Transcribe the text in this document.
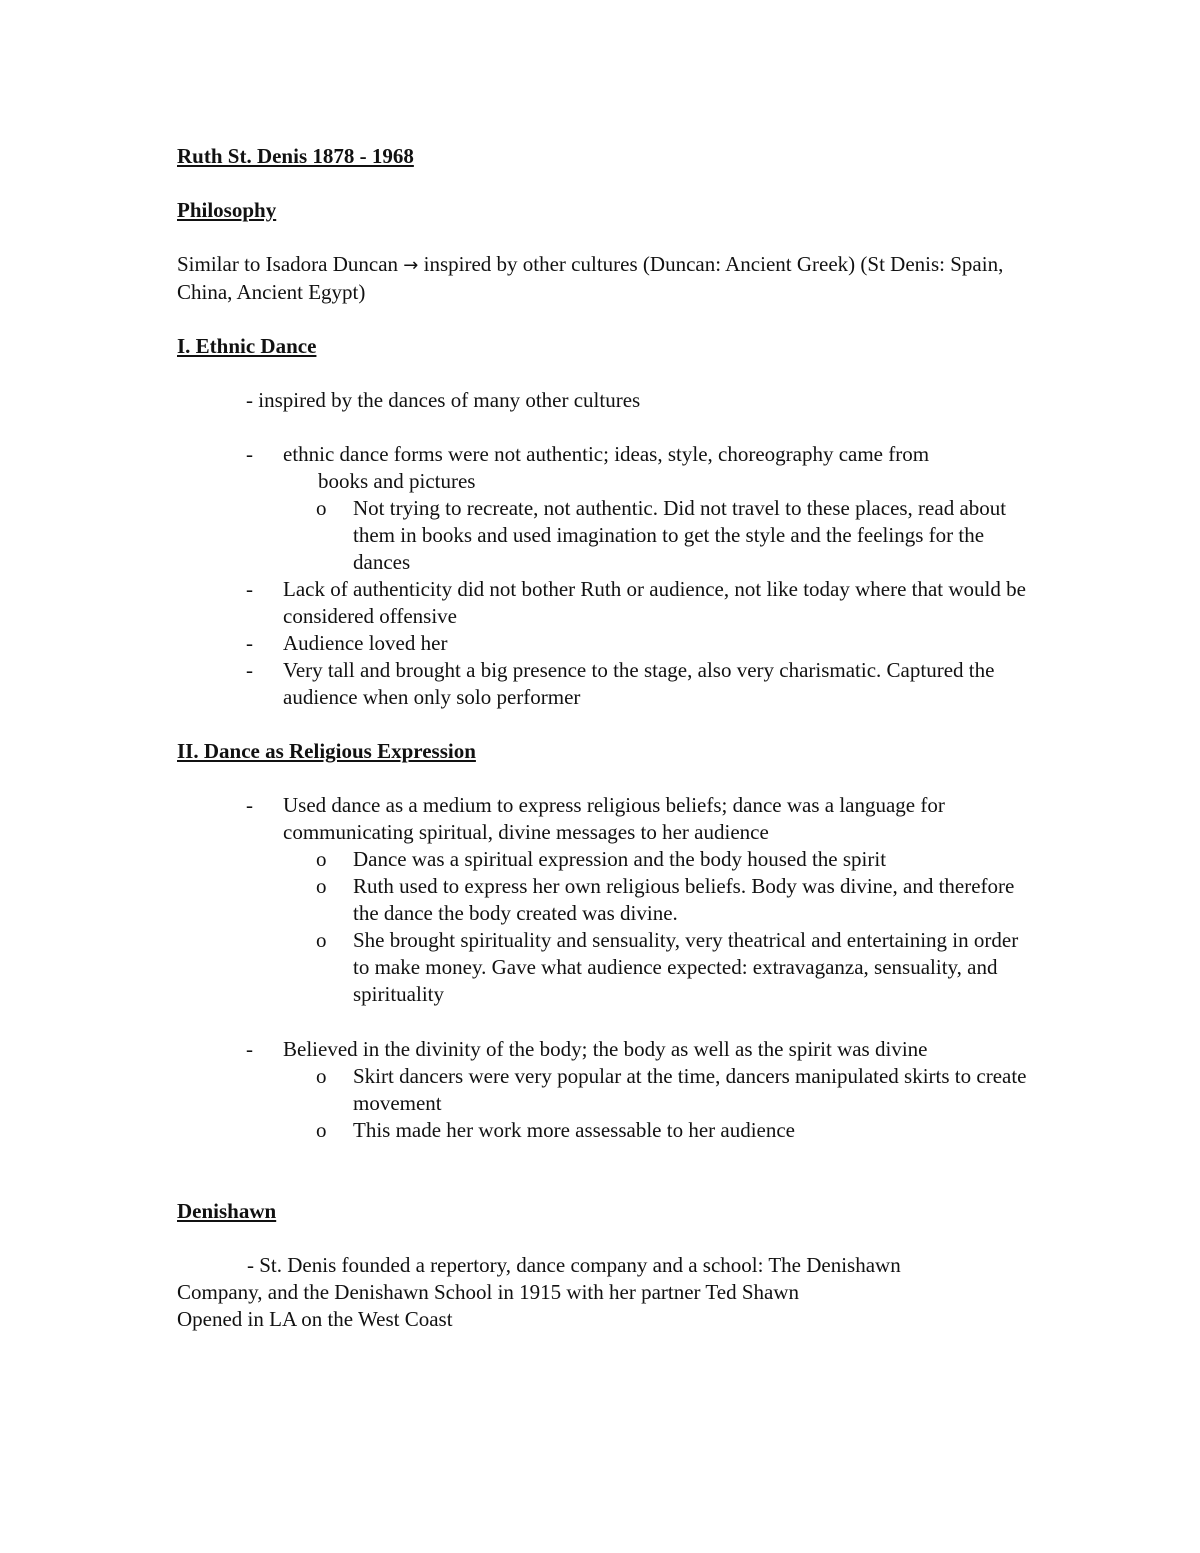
Ruth St. Denis 1878 - 1968
Philosophy
Similar to Isadora Duncan → inspired by other cultures (Duncan: Ancient Greek) (St Denis: Spain, China, Ancient Egypt)
I. Ethnic Dance
- inspired by the dances of many other cultures
-	ethnic dance forms were not authentic; ideas, style, choreography came from
books and pictures
o	Not trying to recreate, not authentic. Did not travel to these places, read about them in books and used imagination to get the style and the feelings for the dances
-	Lack of authenticity did not bother Ruth or audience, not like today where that would be considered offensive
-	Audience loved her
-	Very tall and brought a big presence to the stage, also very charismatic. Captured the audience when only solo performer
II. Dance as Religious Expression
-	Used dance as a medium to express religious beliefs; dance was a language for communicating spiritual, divine messages to her audience
o	Dance was a spiritual expression and the body housed the spirit
o	Ruth used to express her own religious beliefs. Body was divine, and therefore the dance the body created was divine.
o	She brought spirituality and sensuality, very theatrical and entertaining in order to make money. Gave what audience expected: extravaganza, sensuality, and spirituality
-	Believed in the divinity of the body; the body as well as the spirit was divine
o	Skirt dancers were very popular at the time, dancers manipulated skirts to create movement
o	This made her work more assessable to her audience
Denishawn
- St. Denis founded a repertory, dance company and a school: The Denishawn
Company, and the Denishawn School in 1915 with her partner Ted Shawn
Opened in LA on the West Coast
